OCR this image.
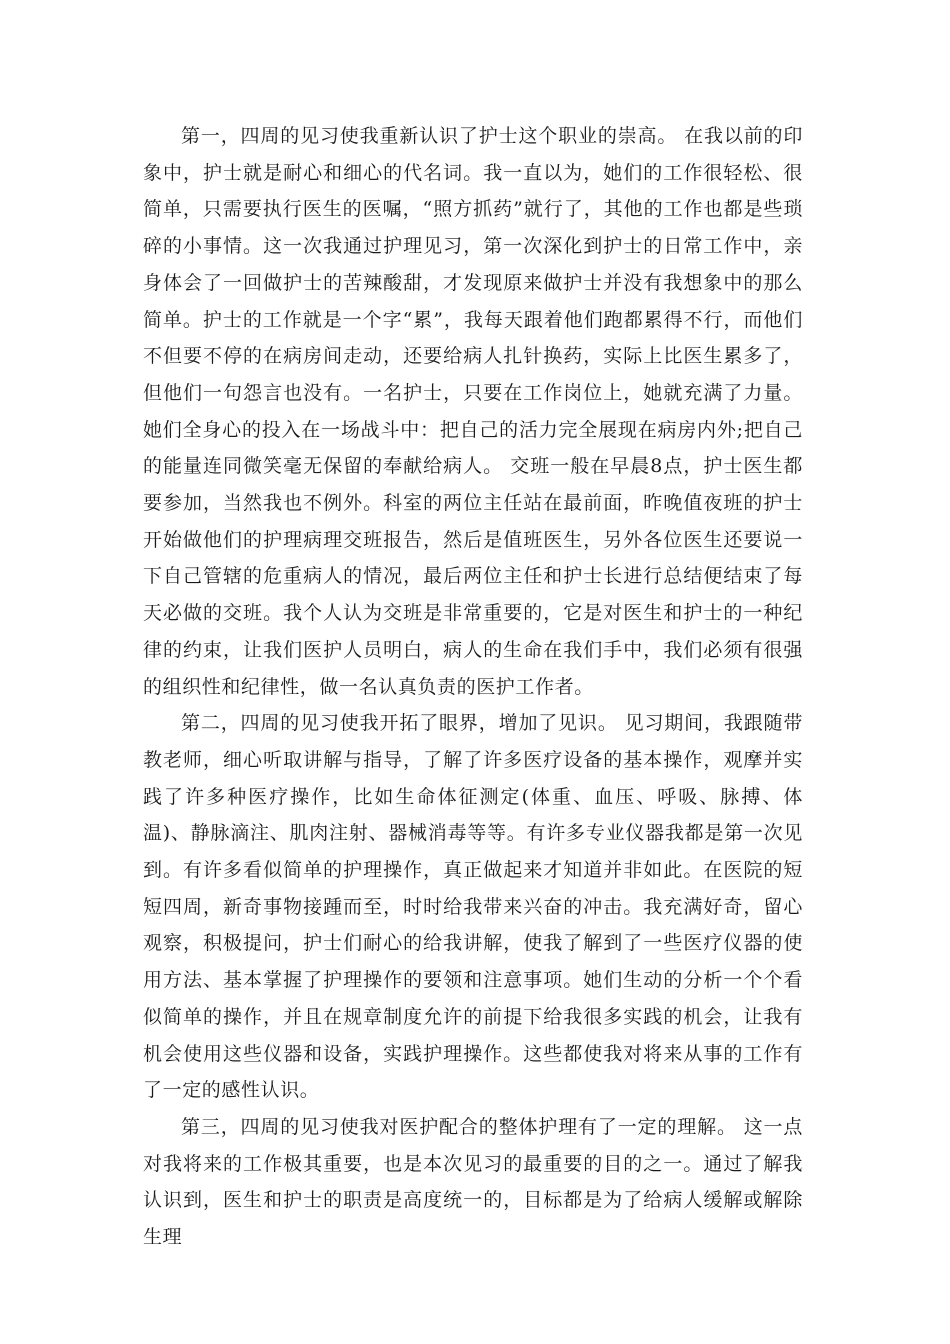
第一，四周的见习使我重新认识了护士这个职业的崇高。 在我以前的印象中，护士就是耐心和细心的代名词。我一直以为，她们的工作很轻松、很简单，只需要执行医生的医嘱，“照方抓药”就行了，其他的工作也都是些琐碎的小事情。这一次我通过护理见习，第一次深化到护士的日常工作中，亲身体会了一回做护士的苦辣酸甜，才发现原来做护士并没有我想象中的那么简单。护士的工作就是一个字“累”，我每天跟着他们跑都累得不行，而他们不但要不停的在病房间走动，还要给病人扎针换药，实际上比医生累多了，但他们一句怨言也没有。一名护士，只要在工作岗位上，她就充满了力量。她们全身心的投入在一场战斗中：把自己的活力完全展现在病房内外;把自己的能量连同微笑毫无保留的奉献给病人。 交班一般在早晨8点，护士医生都要参加，当然我也不例外。科室的两位主任站在最前面，昨晚值夜班的护士开始做他们的护理病理交班报告，然后是值班医生，另外各位医生还要说一下自己管辖的危重病人的情况，最后两位主任和护士长进行总结便结束了每天必做的交班。我个人认为交班是非常重要的，它是对医生和护士的一种纪律的约束，让我们医护人员明白，病人的生命在我们手中，我们必须有很强的组织性和纪律性，做一名认真负责的医护工作者。

第二，四周的见习使我开拓了眼界，增加了见识。 见习期间，我跟随带教老师，细心听取讲解与指导，了解了许多医疗设备的基本操作，观摩并实践了许多种医疗操作，比如生命体征测定(体重、血压、呼吸、脉搏、体温)、静脉滴注、肌肉注射、器械消毒等等。有许多专业仪器我都是第一次见到。有许多看似简单的护理操作，真正做起来才知道并非如此。在医院的短短四周，新奇事物接踵而至，时时给我带来兴奋的冲击。我充满好奇，留心观察，积极提问，护士们耐心的给我讲解，使我了解到了一些医疗仪器的使用方法、基本掌握了护理操作的要领和注意事项。她们生动的分析一个个看似简单的操作，并且在规章制度允许的前提下给我很多实践的机会，让我有机会使用这些仪器和设备，实践护理操作。这些都使我对将来从事的工作有了一定的感性认识。

第三，四周的见习使我对医护配合的整体护理有了一定的理解。 这一点对我将来的工作极其重要，也是本次见习的最重要的目的之一。通过了解我认识到，医生和护士的职责是高度统一的，目标都是为了给病人缓解或解除生理
